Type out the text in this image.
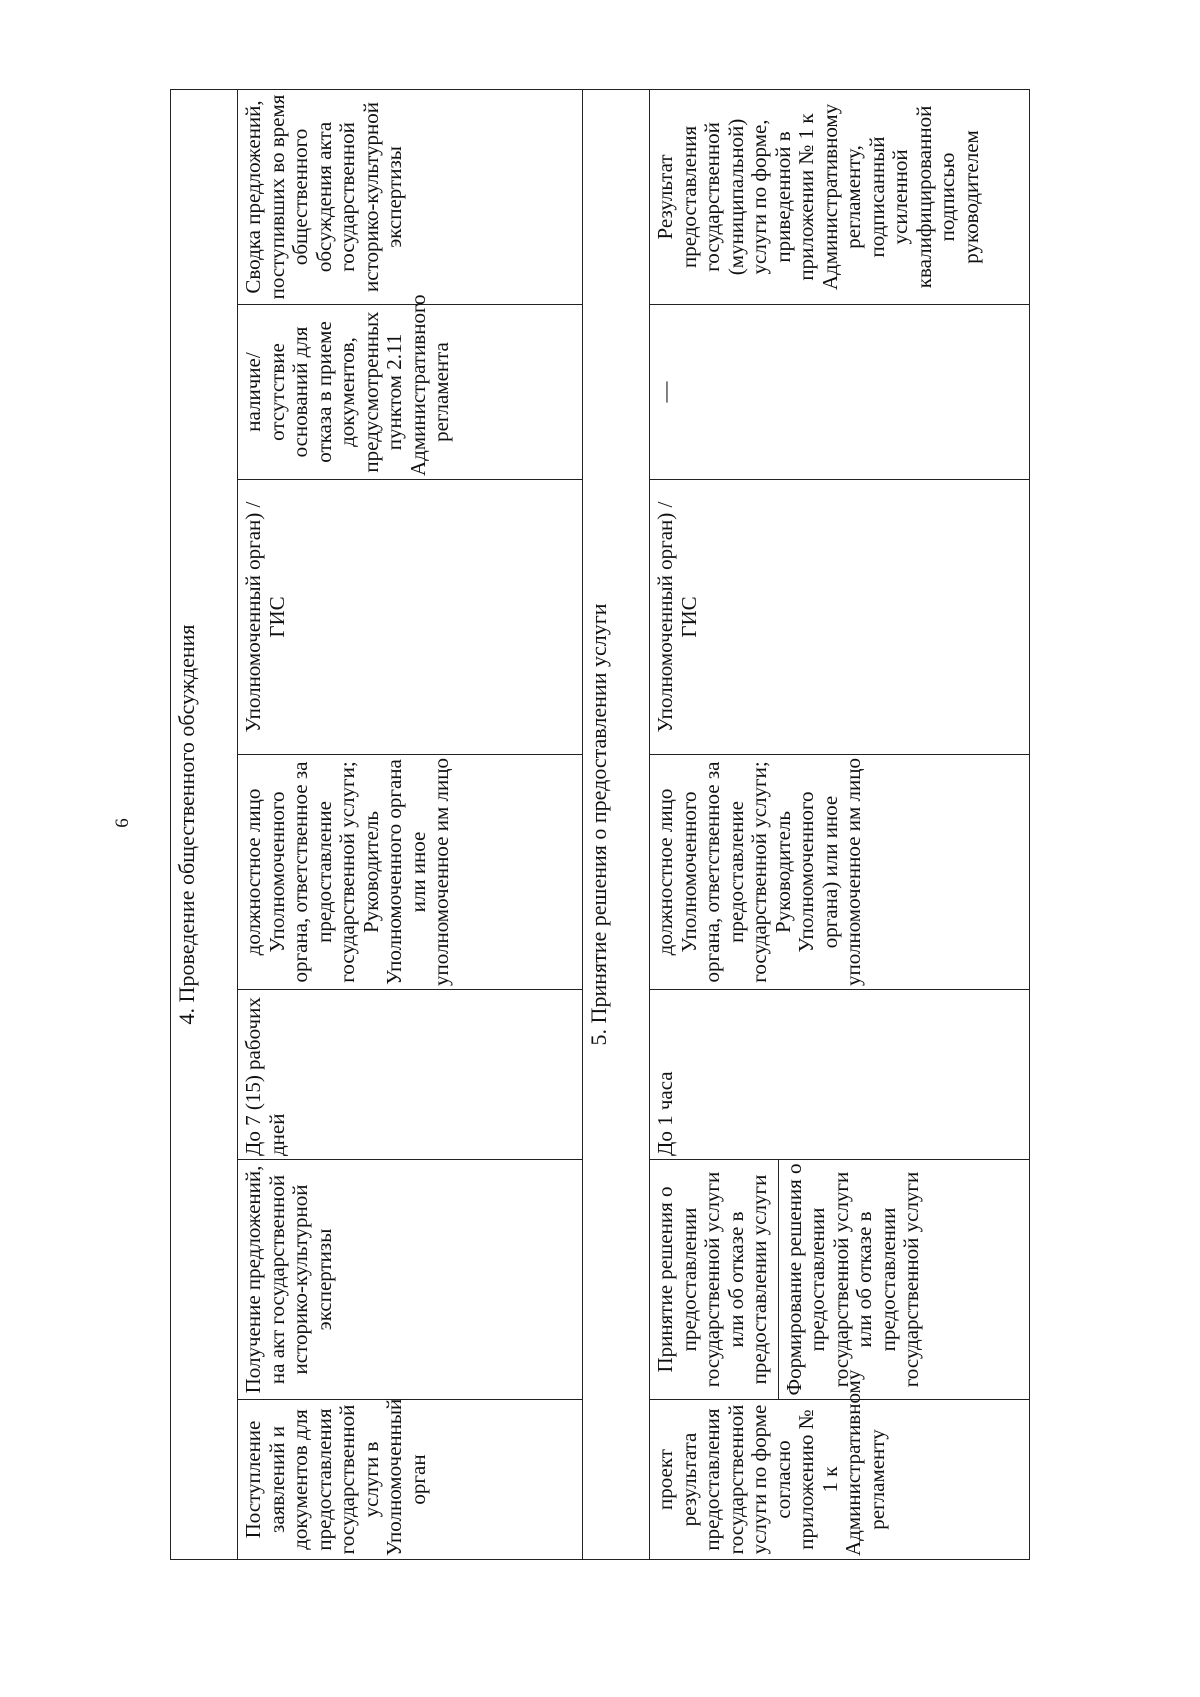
6 4. Проведение общественного обсуждения						
Поступление заявлений и документов для предоставления государственной услуги в Уполномоченный орган	Получение предложений, на акт государственной историко-культурной экспертизы	До 7 (15) рабочих дней	должностное лицо Уполномоченного органа, ответственное за предоставление государственной услуги; Руководитель Уполномоченного органа или иное уполномоченное им лицо	Уполномоченный орган) / ГИС	наличие/ отсутствие оснований для отказа в приеме документов, предусмотренных пунктом 2.11 Административного регламента	Сводка предложений, поступивших во время общественного обсуждения акта государственной историко-культурной экспертизы
5. Принятие решения о предоставлении услуги						
проект результата предоставления государственной услуги по форме согласно приложению № 1 к Административному регламенту	Принятие решения о предоставлении государственной услуги или об отказе в предоставлении услуги Формирование решения о предоставлении государственной услуги или об отказе в предоставлении государственной услуги	До 1 часа	должностное лицо Уполномоченного органа, ответственное за предоставление государственной услуги; Руководитель Уполномоченного органа) или иное уполномоченное им лицо	Уполномоченный орган) / ГИС	—	Результат предоставления государственной (муниципальной) услуги по форме, приведенной в приложении № 1 к Административному регламенту, подписанный усиленной квалифицированной подписью руководителем
